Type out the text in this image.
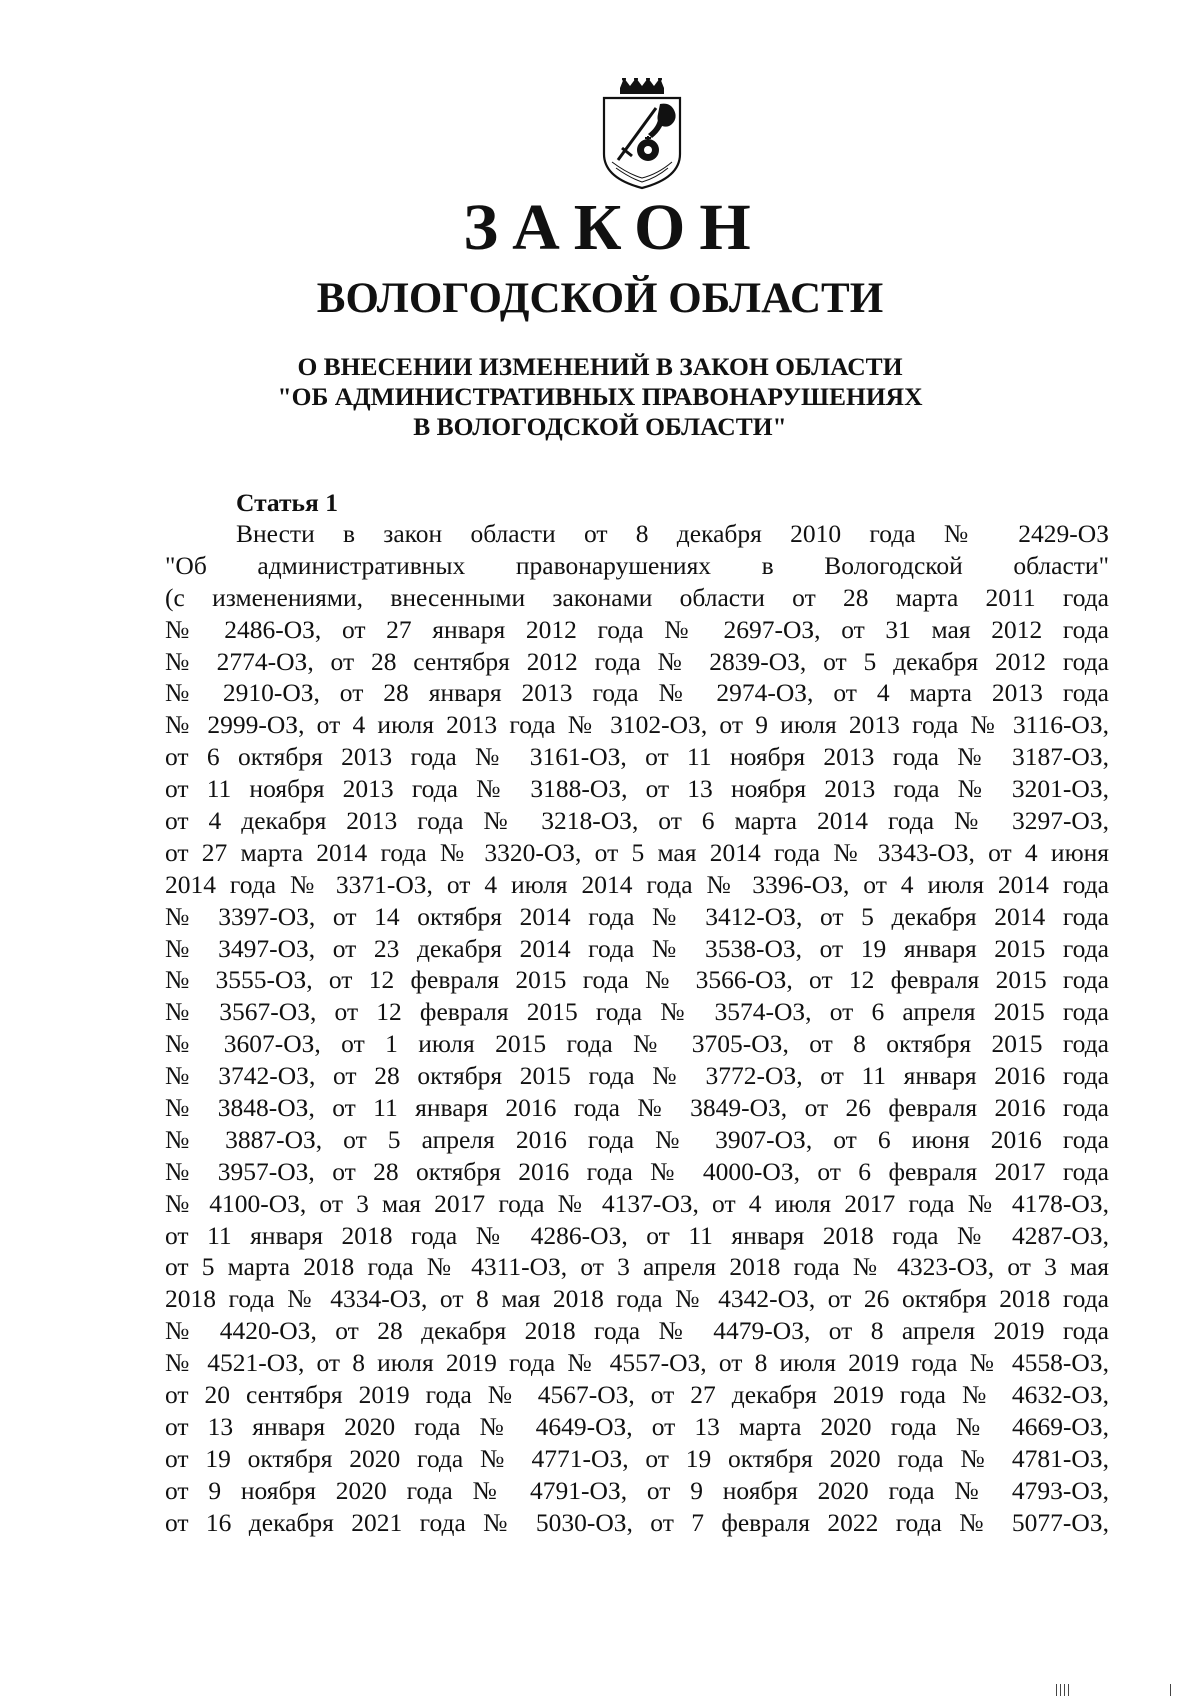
ЗАКОН
ВОЛОГОДСКОЙ ОБЛАСТИ
О ВНЕСЕНИИ ИЗМЕНЕНИЙ В ЗАКОН ОБЛАСТИ
"ОБ АДМИНИСТРАТИВНЫХ ПРАВОНАРУШЕНИЯХ
В ВОЛОГОДСКОЙ ОБЛАСТИ"
Статья 1
Внести в закон области от 8 декабря 2010 года № 2429-ОЗ
"Об административных правонарушениях в Вологодской области"
(с изменениями, внесенными законами области от 28 марта 2011 года
№ 2486-ОЗ, от 27 января 2012 года № 2697-ОЗ, от 31 мая 2012 года
№ 2774-ОЗ, от 28 сентября 2012 года № 2839-ОЗ, от 5 декабря 2012 года
№ 2910-ОЗ, от 28 января 2013 года № 2974-ОЗ, от 4 марта 2013 года
№ 2999-ОЗ, от 4 июля 2013 года № 3102-ОЗ, от 9 июля 2013 года № 3116-ОЗ,
от 6 октября 2013 года № 3161-ОЗ, от 11 ноября 2013 года № 3187-ОЗ,
от 11 ноября 2013 года № 3188-ОЗ, от 13 ноября 2013 года № 3201-ОЗ,
от 4 декабря 2013 года № 3218-ОЗ, от 6 марта 2014 года № 3297-ОЗ,
от 27 марта 2014 года № 3320-ОЗ, от 5 мая 2014 года № 3343-ОЗ, от 4 июня
2014 года № 3371-ОЗ, от 4 июля 2014 года № 3396-ОЗ, от 4 июля 2014 года
№ 3397-ОЗ, от 14 октября 2014 года № 3412-ОЗ, от 5 декабря 2014 года
№ 3497-ОЗ, от 23 декабря 2014 года № 3538-ОЗ, от 19 января 2015 года
№ 3555-ОЗ, от 12 февраля 2015 года № 3566-ОЗ, от 12 февраля 2015 года
№ 3567-ОЗ, от 12 февраля 2015 года № 3574-ОЗ, от 6 апреля 2015 года
№ 3607-ОЗ, от 1 июля 2015 года № 3705-ОЗ, от 8 октября 2015 года
№ 3742-ОЗ, от 28 октября 2015 года № 3772-ОЗ, от 11 января 2016 года
№ 3848-ОЗ, от 11 января 2016 года № 3849-ОЗ, от 26 февраля 2016 года
№ 3887-ОЗ, от 5 апреля 2016 года № 3907-ОЗ, от 6 июня 2016 года
№ 3957-ОЗ, от 28 октября 2016 года № 4000-ОЗ, от 6 февраля 2017 года
№ 4100-ОЗ, от 3 мая 2017 года № 4137-ОЗ, от 4 июля 2017 года № 4178-ОЗ,
от 11 января 2018 года № 4286-ОЗ, от 11 января 2018 года № 4287-ОЗ,
от 5 марта 2018 года № 4311-ОЗ, от 3 апреля 2018 года № 4323-ОЗ, от 3 мая
2018 года № 4334-ОЗ, от 8 мая 2018 года № 4342-ОЗ, от 26 октября 2018 года
№ 4420-ОЗ, от 28 декабря 2018 года № 4479-ОЗ, от 8 апреля 2019 года
№ 4521-ОЗ, от 8 июля 2019 года № 4557-ОЗ, от 8 июля 2019 года № 4558-ОЗ,
от 20 сентября 2019 года № 4567-ОЗ, от 27 декабря 2019 года № 4632-ОЗ,
от 13 января 2020 года № 4649-ОЗ, от 13 марта 2020 года № 4669-ОЗ,
от 19 октября 2020 года № 4771-ОЗ, от 19 октября 2020 года № 4781-ОЗ,
от 9 ноября 2020 года № 4791-ОЗ, от 9 ноября 2020 года № 4793-ОЗ,
от 16 декабря 2021 года № 5030-ОЗ, от 7 февраля 2022 года № 5077-ОЗ,
